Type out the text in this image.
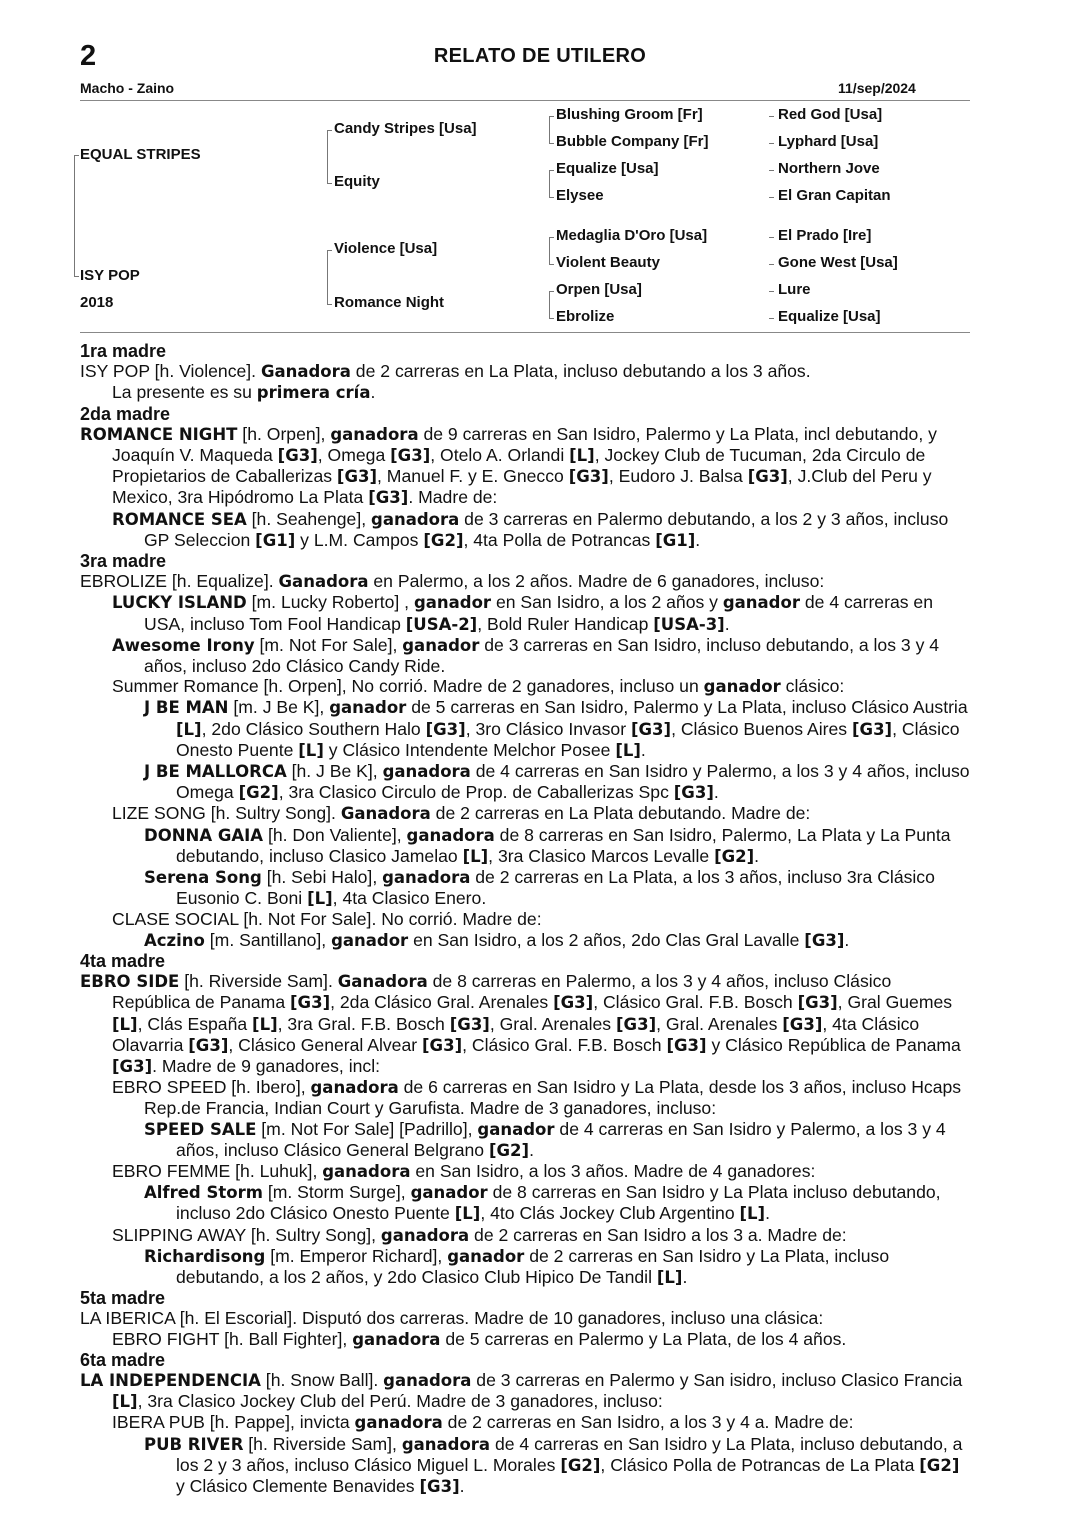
2	RELATO DE UTILERO
Macho - Zaino	11/sep/2024
EQUAL STRIPES
ISY POP
2018
Candy Stripes [Usa]
Equity
Violence [Usa]
Romance Night
Blushing Groom [Fr]
Bubble Company [Fr]
Equalize [Usa]
Elysee
Medaglia D'Oro [Usa]
Violent Beauty
Orpen [Usa]
Ebrolize
Red God [Usa]
Lyphard [Usa]
Northern Jove
El Gran Capitan
El Prado [Ire]
Gone West [Usa]
Lure
Equalize [Usa]

1ra madre

ISY POP [h. Violence]. Ganadora de 2 carreras en La Plata, incluso debutando a los 3 años.

La presente es su primera cría.

2da madre

ROMANCE NIGHT [h. Orpen], ganadora de 9 carreras en San Isidro, Palermo y La Plata, incl debutando, y Joaquín V. Maqueda [G3], Omega [G3], Otelo A. Orlandi [L], Jockey Club de Tucuman, 2da Circulo de Propietarios de Caballerizas [G3], Manuel F. y E. Gnecco [G3], Eudoro J. Balsa [G3], J.Club del Peru y Mexico, 3ra Hipódromo La Plata [G3]. Madre de:

ROMANCE SEA [h. Seahenge], ganadora de 3 carreras en Palermo debutando, a los 2 y 3 años, incluso GP Seleccion [G1] y L.M. Campos [G2], 4ta Polla de Potrancas [G1].

3ra madre

EBROLIZE [h. Equalize]. Ganadora en Palermo, a los 2 años. Madre de 6 ganadores, incluso:

LUCKY ISLAND [m. Lucky Roberto] , ganador en San Isidro, a los 2 años y ganador de 4 carreras en USA, incluso Tom Fool Handicap [USA-2], Bold Ruler Handicap [USA-3].

Awesome Irony [m. Not For Sale], ganador de 3 carreras en San Isidro, incluso debutando, a los 3 y 4 años, incluso 2do Clásico Candy Ride.

Summer Romance [h. Orpen], No corrió. Madre de 2 ganadores, incluso un ganador clásico:

J BE MAN [m. J Be K], ganador de 5 carreras en San Isidro, Palermo y La Plata, incluso Clásico Austria [L], 2do Clásico Southern Halo [G3], 3ro Clásico Invasor [G3], Clásico Buenos Aires [G3], Clásico Onesto Puente [L] y Clásico Intendente Melchor Posee [L].

J BE MALLORCA [h. J Be K], ganadora de 4 carreras en San Isidro y Palermo, a los 3 y 4 años, incluso Omega [G2], 3ra Clasico Circulo de Prop. de Caballerizas Spc [G3].

LIZE SONG [h. Sultry Song]. Ganadora de 2 carreras en La Plata debutando. Madre de:

DONNA GAIA [h. Don Valiente], ganadora de 8 carreras en San Isidro, Palermo, La Plata y La Punta debutando, incluso Clasico Jamelao [L], 3ra Clasico Marcos Levalle [G2].

Serena Song [h. Sebi Halo], ganadora de 2 carreras en La Plata, a los 3 años, incluso 3ra Clásico Eusonio C. Boni [L], 4ta Clasico Enero.

CLASE SOCIAL [h. Not For Sale]. No corrió. Madre de:

Aczino [m. Santillano], ganador en San Isidro, a los 2 años, 2do Clas Gral Lavalle [G3].

4ta madre

EBRO SIDE [h. Riverside Sam]. Ganadora de 8 carreras en Palermo, a los 3 y 4 años, incluso Clásico República de Panama [G3], 2da Clásico Gral. Arenales [G3], Clásico Gral. F.B. Bosch [G3], Gral Guemes [L], Clás España [L], 3ra Gral. F.B. Bosch [G3], Gral. Arenales [G3], Gral. Arenales [G3], 4ta Clásico Olavarria [G3], Clásico General Alvear [G3], Clásico Gral. F.B. Bosch [G3] y Clásico República de Panama [G3]. Madre de 9 ganadores, incl:

EBRO SPEED [h. Ibero], ganadora de 6 carreras en San Isidro y La Plata, desde los 3 años, incluso Hcaps Rep.de Francia, Indian Court y Garufista. Madre de 3 ganadores, incluso:

SPEED SALE [m. Not For Sale] [Padrillo], ganador de 4 carreras en San Isidro y Palermo, a los 3 y 4 años, incluso Clásico General Belgrano [G2].

EBRO FEMME [h. Luhuk], ganadora en San Isidro, a los 3 años. Madre de 4 ganadores:

Alfred Storm [m. Storm Surge], ganador de 8 carreras en San Isidro y La Plata incluso debutando, incluso 2do Clásico Onesto Puente [L], 4to Clás Jockey Club Argentino [L].

SLIPPING AWAY [h. Sultry Song], ganadora de 2 carreras en San Isidro a los 3 a. Madre de:

Richardisong [m. Emperor Richard], ganador de 2 carreras en San Isidro y La Plata, incluso debutando, a los 2 años, y 2do Clasico Club Hipico De Tandil [L].

5ta madre

LA IBERICA [h. El Escorial]. Disputó dos carreras. Madre de 10 ganadores, incluso una clásica:

EBRO FIGHT [h. Ball Fighter], ganadora de 5 carreras en Palermo y La Plata, de los 4 años.

6ta madre

LA INDEPENDENCIA [h. Snow Ball]. ganadora de 3 carreras en Palermo y San isidro, incluso Clasico Francia [L], 3ra Clasico Jockey Club del Perú. Madre de 3 ganadores, incluso:

IBERA PUB [h. Pappe], invicta ganadora de 2 carreras en San Isidro, a los 3 y 4 a. Madre de:

PUB RIVER [h. Riverside Sam], ganadora de 4 carreras en San Isidro y La Plata, incluso debutando, a los 2 y 3 años, incluso Clásico Miguel L. Morales [G2], Clásico Polla de Potrancas de La Plata [G2] y Clásico Clemente Benavides [G3].
